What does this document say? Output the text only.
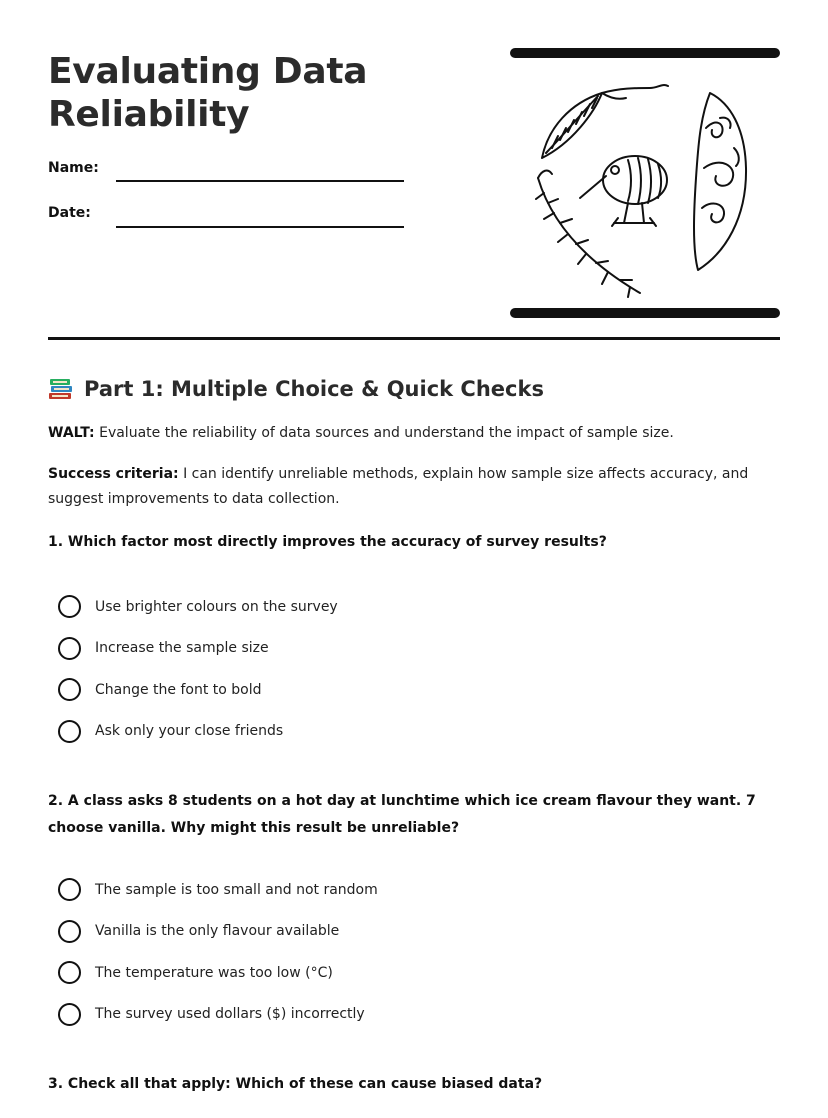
Evaluating Data Reliability
Name:
Date:
Part 1: Multiple Choice & Quick Checks

WALT: Evaluate the reliability of data sources and understand the impact of sample size.

Success criteria: I can identify unreliable methods, explain how sample size affects accuracy, and suggest improvements to data collection.

1. Which factor most directly improves the accuracy of survey results?

Use brighter colours on the survey
Increase the sample size
Change the font to bold
Ask only your close friends

2. A class asks 8 students on a hot day at lunchtime which ice cream flavour they want. 7 choose vanilla. Why might this result be unreliable?

The sample is too small and not random
Vanilla is the only flavour available
The temperature was too low (°C)
The survey used dollars ($) incorrectly

3. Check all that apply: Which of these can cause biased data?
